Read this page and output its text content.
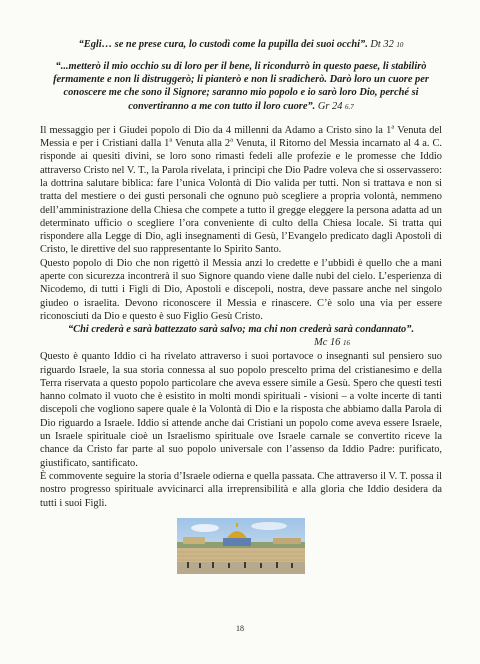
“Egli… se ne prese cura, lo custodì come la pupilla dei suoi occhi”. Dt 32 10

“...metterò il mio occhio su di loro per il bene, li ricondurrò in questo paese, li stabilirò fermamente e non li distruggerò; li pianterò e non li sradicherò. Darò loro un cuore per conoscere me che sono il Signore; saranno mio popolo e io sarò loro Dio, perché si convertiranno a me con tutto il loro cuore”. Gr 24 6.7

Il messaggio per i Giudei popolo di Dio da 4 millenni da Adamo a Cristo sino la 1$^a$ Venuta del Messia e per i Cristiani dalla 1$^a$ Venuta alla 2$^a$ Venuta, il Ritorno del Messia incarnato al 4 a. C. risponde ai quesiti divini, se loro sono rimasti fedeli alle profezie e le promesse che Iddio attraverso Cristo nel V. T., la Parola rivelata, i principi che Dio Padre voleva che si osservassero: la dottrina salutare biblica: fare l’unica Volontà di Dio valida per tutti. Non si trattava e non si tratta del mestiere o dei gusti personali che ognuno può scegliere a propria volontà, nemmeno dell’amministrazione della Chiesa che compete a tutto il gregge eleggere la persona adatta ad un determinato ufficio o scegliere l’ora conveniente di culto della Chiesa locale. Si tratta qui rispondere alla Legge di Dio, agli insegnamenti di Gesù, l’Evangelo predicato dagli Apostoli di Cristo, le direttive del suo rappresentante lo Spirito Santo.

Questo popolo di Dio che non rigettò il Messia anzi lo credette e l’ubbidì è quello che a mani aperte con sicurezza incontrerà il suo Signore quando viene dalle nubi del cielo. L’esperienza di Nicodemo, di tutti i Figli di Dio, Apostoli e discepoli, nostra, deve passare anche nel singolo giudeo o israelita. Devono riconoscere il Messia e rinascere. C’è solo una via per essere riconosciuti da Dio e questo è suo Figlio Gesù Cristo.

“Chi crederà e sarà battezzato sarà salvo; ma chi non crederà sarà condannato”.

Mc 16 16

Questo è quanto Iddio ci ha rivelato attraverso i suoi portavoce o insegnanti sul pensiero suo riguardo Israele, la sua storia connessa al suo popolo prescelto prima del cristianesimo e della Terra riservata a questo popolo particolare che aveva essere simile a Gesù. Spero che questi testi hanno colmato il vuoto che è esistito in molti mondi spirituali - visioni – a volte incerte di tanti discepoli che vogliono sapere quale è la Volontà di Dio e la risposta che abbiamo dalla Parola di Dio riguardo a Israele. Iddio si attende anche dai Cristiani un popolo come aveva essere Israele, un Israele spirituale cioè un Israelismo spirituale ove Israele carnale se convertito riceve la chance da Cristo far parte al suo popolo universale con l’assenso da Iddio Padre: purificato, giustificato, santificato.

È commovente seguire la storia d’Israele odierna e quella passata. Che attraverso il V. T. possa il nostro progresso spirituale avvicinarci alla irreprensibilità e alla gloria che Iddio desidera da tutti i suoi Figli.

18
